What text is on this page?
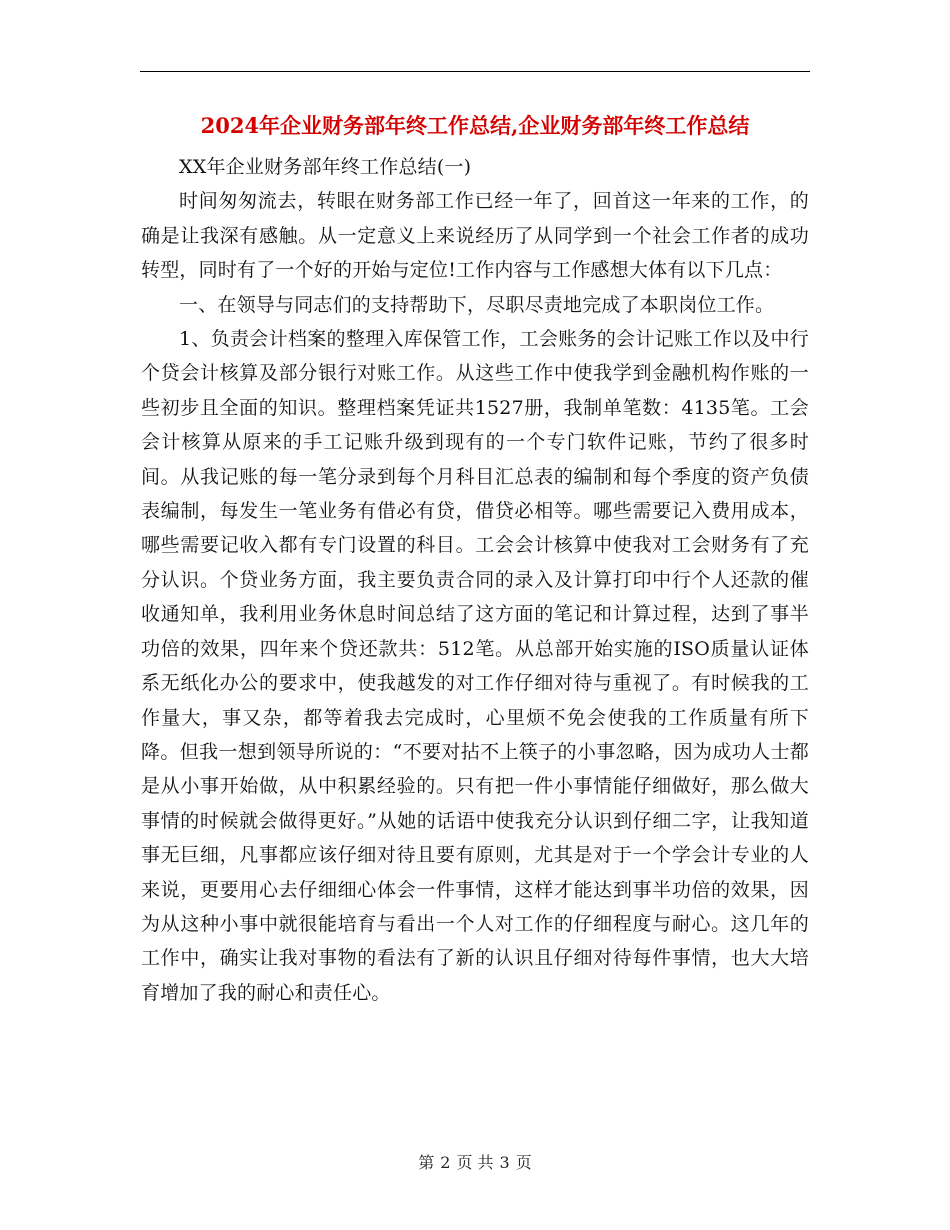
2024年企业财务部年终工作总结,企业财务部年终工作总结

XX年企业财务部年终工作总结(一)

时间匆匆流去，转眼在财务部工作已经一年了，回首这一年来的工作，的确是让我深有感触。从一定意义上来说经历了从同学到一个社会工作者的成功转型，同时有了一个好的开始与定位!工作内容与工作感想大体有以下几点：

一、在领导与同志们的支持帮助下，尽职尽责地完成了本职岗位工作。

1、负责会计档案的整理入库保管工作，工会账务的会计记账工作以及中行个贷会计核算及部分银行对账工作。从这些工作中使我学到金融机构作账的一些初步且全面的知识。整理档案凭证共1527册，我制单笔数：4135笔。工会会计核算从原来的手工记账升级到现有的一个专门软件记账，节约了很多时间。从我记账的每一笔分录到每个月科目汇总表的编制和每个季度的资产负债表编制，每发生一笔业务有借必有贷，借贷必相等。哪些需要记入费用成本，哪些需要记收入都有专门设置的科目。工会会计核算中使我对工会财务有了充分认识。个贷业务方面，我主要负责合同的录入及计算打印中行个人还款的催收通知单，我利用业务休息时间总结了这方面的笔记和计算过程，达到了事半功倍的效果，四年来个贷还款共：512笔。从总部开始实施的ISO质量认证体系无纸化办公的要求中，使我越发的对工作仔细对待与重视了。有时候我的工作量大，事又杂，都等着我去完成时，心里烦不免会使我的工作质量有所下降。但我一想到领导所说的：“不要对拈不上筷子的小事忽略，因为成功人士都是从小事开始做，从中积累经验的。只有把一件小事情能仔细做好，那么做大事情的时候就会做得更好。”从她的话语中使我充分认识到仔细二字，让我知道事无巨细，凡事都应该仔细对待且要有原则，尤其是对于一个学会计专业的人来说，更要用心去仔细细心体会一件事情，这样才能达到事半功倍的效果，因为从这种小事中就很能培育与看出一个人对工作的仔细程度与耐心。这几年的工作中，确实让我对事物的看法有了新的认识且仔细对待每件事情，也大大培育增加了我的耐心和责任心。

第 2 页 共 3 页
